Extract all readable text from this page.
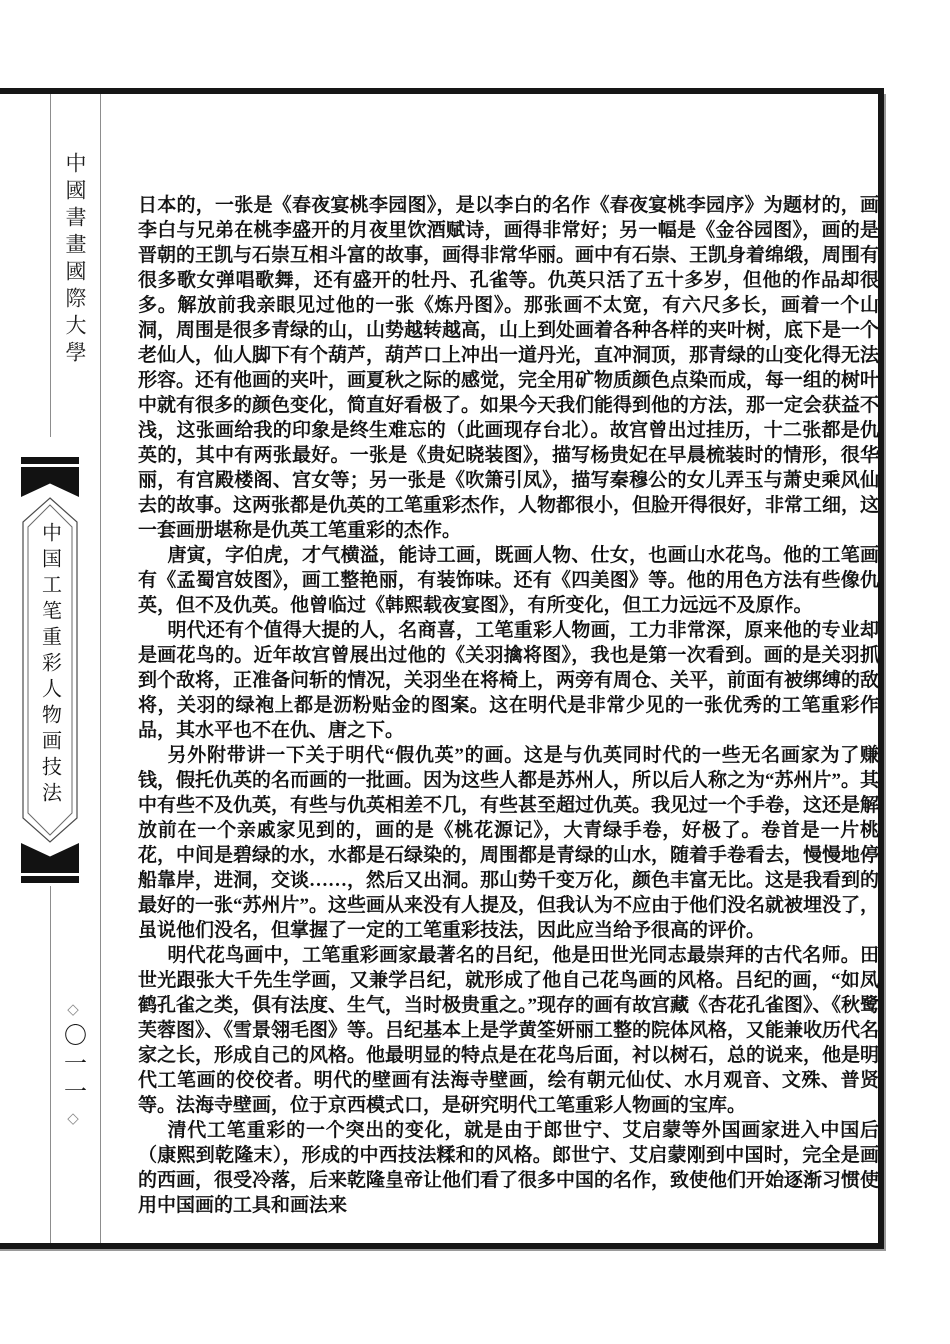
中國書畫國際大學
中国工笔重彩人物画技法
◇
〇一一
◇

日本的，一张是《春夜宴桃李园图》，是以李白的名作《春夜宴桃李园序》为题材的，画李白与兄弟在桃李盛开的月夜里饮酒赋诗，画得非常好；另一幅是《金谷园图》，画的是晋朝的王凯与石崇互相斗富的故事，画得非常华丽。画中有石崇、王凯身着绵缎，周围有很多歌女弹唱歌舞，还有盛开的牡丹、孔雀等。仇英只活了五十多岁，但他的作品却很多。解放前我亲眼见过他的一张《炼丹图》。那张画不太宽，有六尺多长，画着一个山洞，周围是很多青绿的山，山势越转越高，山上到处画着各种各样的夹叶树，底下是一个老仙人，仙人脚下有个葫芦，葫芦口上冲出一道丹光，直冲洞顶，那青绿的山变化得无法形容。还有他画的夹叶，画夏秋之际的感觉，完全用矿物质颜色点染而成，每一组的树叶中就有很多的颜色变化，简直好看极了。如果今天我们能得到他的方法，那一定会获益不浅，这张画给我的印象是终生难忘的（此画现存台北）。故宫曾出过挂历，十二张都是仇英的，其中有两张最好。一张是《贵妃晓装图》，描写杨贵妃在早晨梳装时的情形，很华丽，有宫殿楼阁、宫女等；另一张是《吹箫引凤》，描写秦穆公的女儿弄玉与萧史乘风仙去的故事。这两张都是仇英的工笔重彩杰作，人物都很小，但脸开得很好，非常工细，这一套画册堪称是仇英工笔重彩的杰作。

唐寅，字伯虎，才气横溢，能诗工画，既画人物、仕女，也画山水花鸟。他的工笔画有《孟蜀宫妓图》，画工整艳丽，有装饰味。还有《四美图》等。他的用色方法有些像仇英，但不及仇英。他曾临过《韩熙载夜宴图》，有所变化，但工力远远不及原作。

明代还有个值得大提的人，名商喜，工笔重彩人物画，工力非常深，原来他的专业却是画花鸟的。近年故宫曾展出过他的《关羽擒将图》，我也是第一次看到。画的是关羽抓到个敌将，正准备问斩的情况，关羽坐在将椅上，两旁有周仓、关平，前面有被绑缚的敌将，关羽的绿袍上都是沥粉贴金的图案。这在明代是非常少见的一张优秀的工笔重彩作品，其水平也不在仇、唐之下。

另外附带讲一下关于明代“假仇英”的画。这是与仇英同时代的一些无名画家为了赚钱，假托仇英的名而画的一批画。因为这些人都是苏州人，所以后人称之为“苏州片”。其中有些不及仇英，有些与仇英相差不几，有些甚至超过仇英。我见过一个手卷，这还是解放前在一个亲戚家见到的，画的是《桃花源记》，大青绿手卷，好极了。卷首是一片桃花，中间是碧绿的水，水都是石绿染的，周围都是青绿的山水，随着手卷看去，慢慢地停船靠岸，进洞，交谈……，然后又出洞。那山势千变万化，颜色丰富无比。这是我看到的最好的一张“苏州片”。这些画从来没有人提及，但我认为不应由于他们没名就被埋没了，虽说他们没名，但掌握了一定的工笔重彩技法，因此应当给予很高的评价。

明代花鸟画中，工笔重彩画家最著名的吕纪，他是田世光同志最崇拜的古代名师。田世光跟张大千先生学画，又兼学吕纪，就形成了他自己花鸟画的风格。吕纪的画，“如凤鹤孔雀之类，俱有法度、生气，当时极贵重之。”现存的画有故宫藏《杏花孔雀图》、《秋鹭芙蓉图》、《雪景翎毛图》等。吕纪基本上是学黄筌妍丽工整的院体风格，又能兼收历代名家之长，形成自己的风格。他最明显的特点是在花鸟后面，衬以树石，总的说来，他是明代工笔画的佼佼者。明代的壁画有法海寺壁画，绘有朝元仙仗、水月观音、文殊、普贤等。法海寺壁画，位于京西模式口，是研究明代工笔重彩人物画的宝库。

清代工笔重彩的一个突出的变化，就是由于郎世宁、艾启蒙等外国画家进入中国后（康熙到乾隆末），形成的中西技法糅和的风格。郎世宁、艾启蒙刚到中国时，完全是画的西画，很受冷落，后来乾隆皇帝让他们看了很多中国的名作，致使他们开始逐渐习惯使用中国画的工具和画法来
